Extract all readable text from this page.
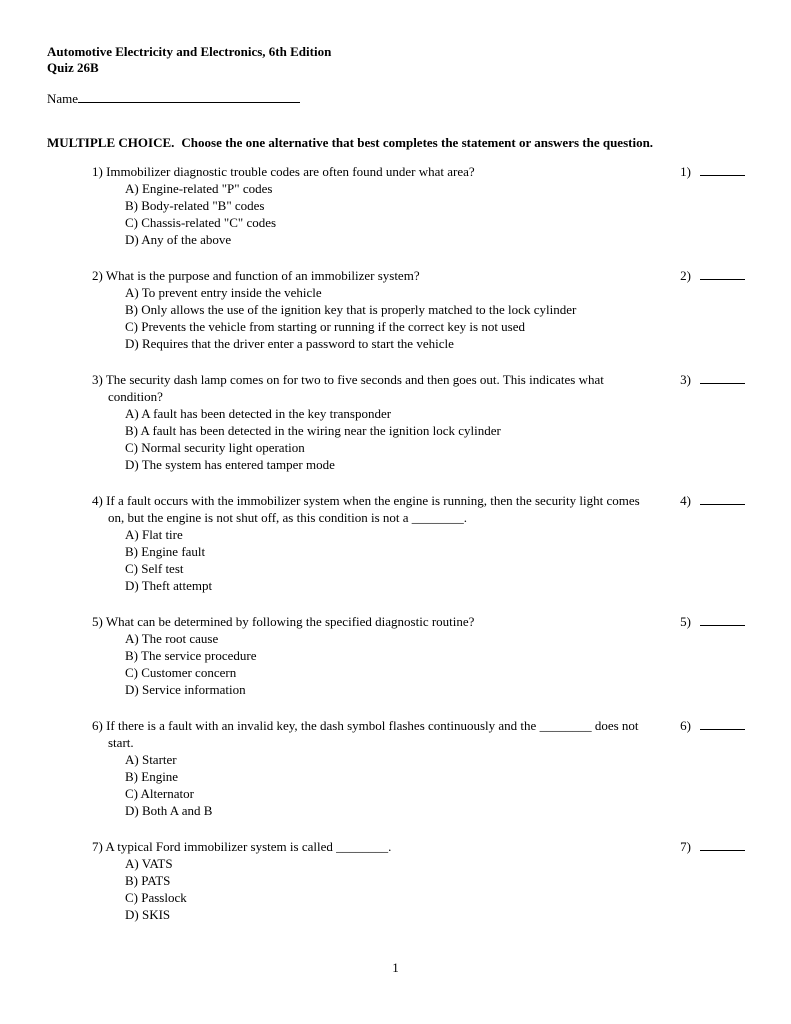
Automotive Electricity and Electronics, 6th Edition
Quiz 26B
Name
MULTIPLE CHOICE. Choose the one alternative that best completes the statement or answers the question.
1) Immobilizer diagnostic trouble codes are often found under what area?
A) Engine-related "P" codes
B) Body-related "B" codes
C) Chassis-related "C" codes
D) Any of the above
1)
2) What is the purpose and function of an immobilizer system?
A) To prevent entry inside the vehicle
B) Only allows the use of the ignition key that is properly matched to the lock cylinder
C) Prevents the vehicle from starting or running if the correct key is not used
D) Requires that the driver enter a password to start the vehicle
2)
3) The security dash lamp comes on for two to five seconds and then goes out. This indicates what condition?
A) A fault has been detected in the key transponder
B) A fault has been detected in the wiring near the ignition lock cylinder
C) Normal security light operation
D) The system has entered tamper mode
3)
4) If a fault occurs with the immobilizer system when the engine is running, then the security light comes on, but the engine is not shut off, as this condition is not a ________.
A) Flat tire
B) Engine fault
C) Self test
D) Theft attempt
4)
5) What can be determined by following the specified diagnostic routine?
A) The root cause
B) The service procedure
C) Customer concern
D) Service information
5)
6) If there is a fault with an invalid key, the dash symbol flashes continuously and the ________ does not start.
A) Starter
B) Engine
C) Alternator
D) Both A and B
6)
7) A typical Ford immobilizer system is called ________.
A) VATS
B) PATS
C) Passlock
D) SKIS
7)
1
